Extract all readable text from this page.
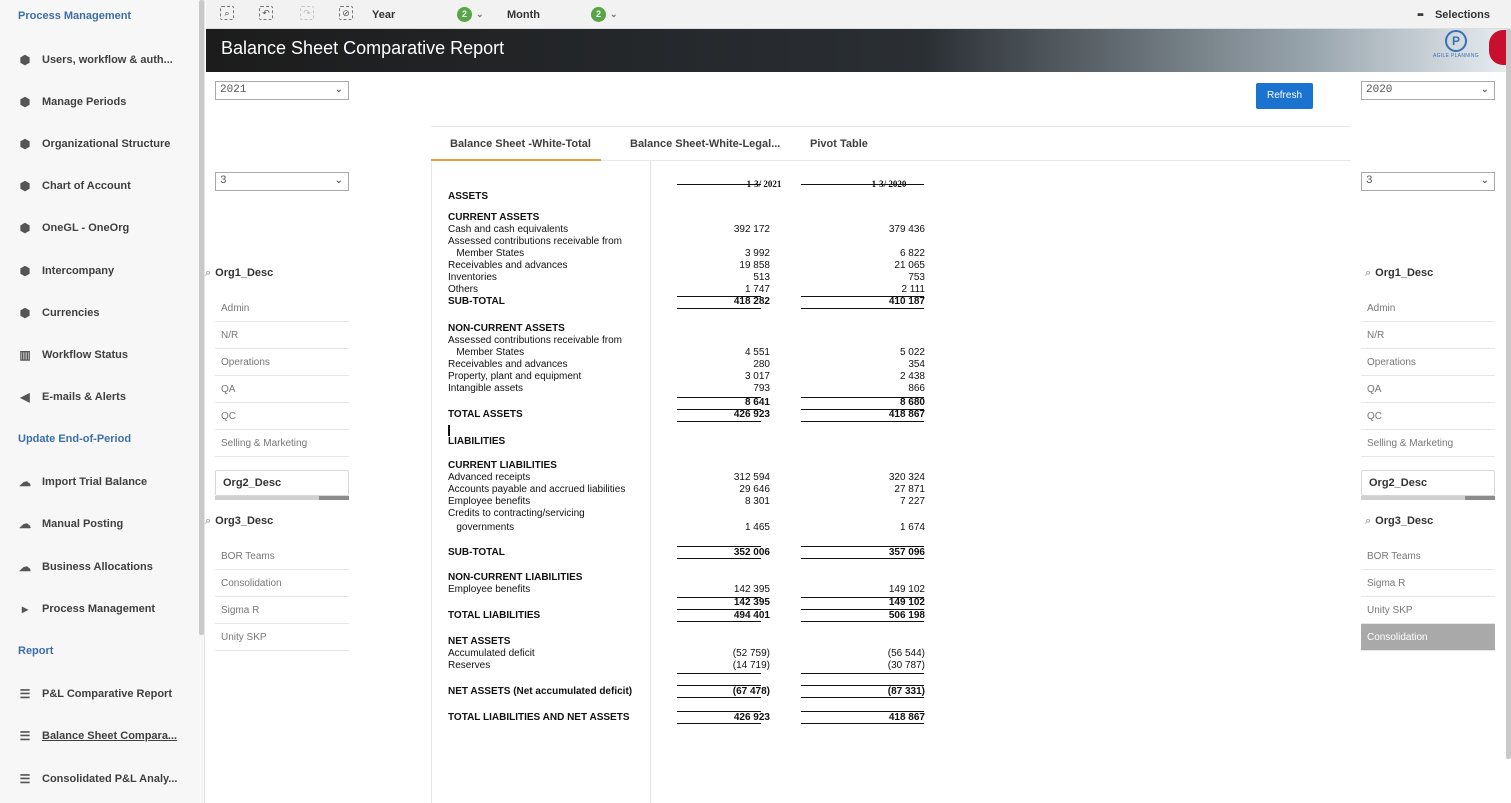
Process Management
⬢ Users, workflow & auth...
⬢ Manage Periods
⬢ Organizational Structure
⬢ Chart of Account
⬢ OneGL - OneOrg
⬢ Intercompany
⬢ Currencies
▥ Workflow Status
◀ E-mails & Alerts
Update End-of-Period
☁ Import Trial Balance
☁ Manual Posting
☁ Business Allocations
▸	Process Management
Report
☰ P&L Comparative Report
☰ Balance Sheet Compara...
☰ Consolidated P&L Analy...
⌕	↶	↷	⊘ Year	2	⌄ Month	2	⌄	▪▪ Selections
Balance Sheet Comparative Report	P
AGILE PLANNING
2021	⌄
3	⌄
⌕ Org1_Desc
Admin
N/R
Operations
QA
QC
Selling & Marketing
Org2_Desc
⌕ Org3_Desc
BOR Teams
Consolidation
Sigma R
Unity SKP
Refresh	2020	⌄
3	⌄
⌕ Org1_Desc
Admin
N/R
Operations
QA
QC
Selling & Marketing
Org2_Desc
⌕ Org3_Desc
BOR Teams
Sigma R
Unity SKP
Consolidation
Balance Sheet -White-Total	Balance Sheet-White-Legal...	Pivot Table
1-3/ 2021	1-3/ 2020
ASSETS
CURRENT ASSETS
Cash and cash equivalents	392 172	379 436
Assessed contributions receivable from
Member States	3 992	6 822
Receivables and advances	19 858	21 065
Inventories	513	753
Others	1 747	2 111
SUB-TOTAL	418 282	410 187
NON-CURRENT ASSETS
Assessed contributions receivable from
Member States	4 551	5 022
Receivables and advances	280	354
Property, plant and equipment	3 017	2 438
Intangible assets	793	866
8 641	8 680
TOTAL ASSETS	426 923	418 867
LIABILITIES
CURRENT LIABILITIES
Advanced receipts	312 594	320 324
Accounts payable and accrued liabilities	29 646	27 871
Employee benefits	8 301	7 227
Credits to contracting/servicing
governments	1 465	1 674
SUB-TOTAL	352 006	357 096
NON-CURRENT LIABILITIES
Employee benefits	142 395	149 102
142 395	149 102
TOTAL LIABILITIES	494 401	506 198
NET ASSETS
Accumulated deficit	(52 759)	(56 544)
Reserves	(14 719)	(30 787)
NET ASSETS (Net accumulated deficit)	(67 478)	(87 331)
TOTAL LIABILITIES AND NET ASSETS	426 923	418 867
